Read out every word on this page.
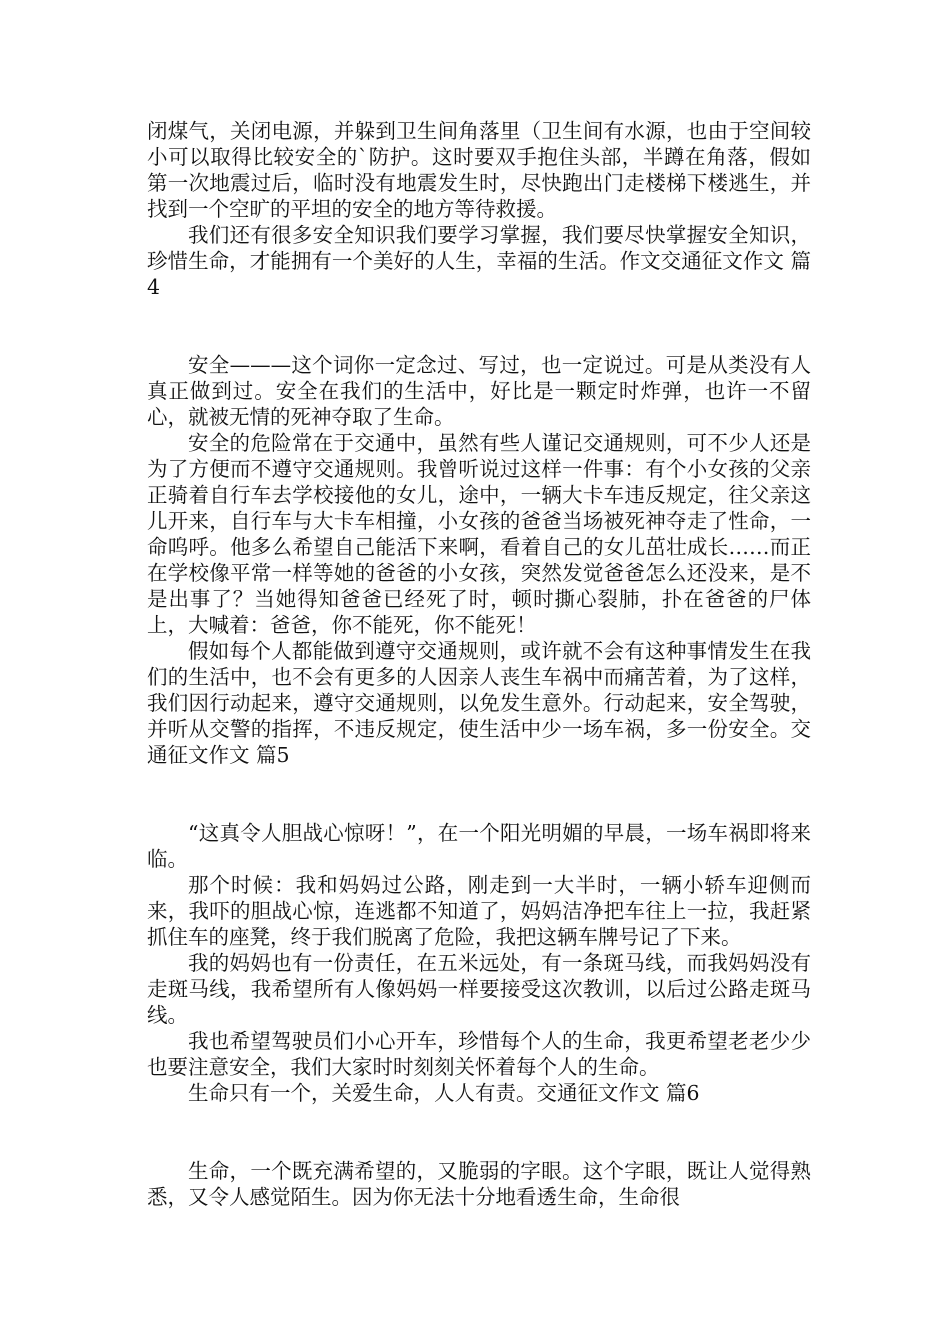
闭煤气，关闭电源，并躲到卫生间角落里（卫生间有水源，也由于空间较小可以取得比较安全的`防护。这时要双手抱住头部，半蹲在角落，假如第一次地震过后，临时没有地震发生时，尽快跑出门走楼梯下楼逃生，并找到一个空旷的平坦的安全的地方等待救援。

我们还有很多安全知识我们要学习掌握，我们要尽快掌握安全知识，珍惜生命，才能拥有一个美好的人生，幸福的生活。作文交通征文作文 篇4

安全———这个词你一定念过、写过，也一定说过。可是从类没有人真正做到过。安全在我们的生活中，好比是一颗定时炸弹，也许一不留心，就被无情的死神夺取了生命。

安全的危险常在于交通中，虽然有些人谨记交通规则，可不少人还是为了方便而不遵守交通规则。我曾听说过这样一件事：有个小女孩的父亲正骑着自行车去学校接他的女儿，途中，一辆大卡车违反规定，往父亲这儿开来，自行车与大卡车相撞，小女孩的爸爸当场被死神夺走了性命，一命呜呼。他多么希望自己能活下来啊，看着自己的女儿茁壮成长……而正在学校像平常一样等她的爸爸的小女孩，突然发觉爸爸怎么还没来，是不是出事了？当她得知爸爸已经死了时，顿时撕心裂肺，扑在爸爸的尸体上，大喊着：爸爸，你不能死，你不能死！

假如每个人都能做到遵守交通规则，或许就不会有这种事情发生在我们的生活中，也不会有更多的人因亲人丧生车祸中而痛苦着，为了这样，我们因行动起来，遵守交通规则，以免发生意外。行动起来，安全驾驶，并听从交警的指挥，不违反规定，使生活中少一场车祸，多一份安全。交通征文作文 篇5

“这真令人胆战心惊呀！”，在一个阳光明媚的早晨，一场车祸即将来临。

那个时候：我和妈妈过公路，刚走到一大半时，一辆小轿车迎侧而来，我吓的胆战心惊，连逃都不知道了，妈妈洁净把车往上一拉，我赶紧抓住车的座凳，终于我们脱离了危险，我把这辆车牌号记了下来。

我的妈妈也有一份责任，在五米远处，有一条斑马线，而我妈妈没有走斑马线，我希望所有人像妈妈一样要接受这次教训，以后过公路走斑马线。

我也希望驾驶员们小心开车，珍惜每个人的生命，我更希望老老少少也要注意安全，我们大家时时刻刻关怀着每个人的生命。

生命只有一个，关爱生命，人人有责。交通征文作文 篇6

生命，一个既充满希望的，又脆弱的字眼。这个字眼，既让人觉得熟悉，又令人感觉陌生。因为你无法十分地看透生命，生命很
